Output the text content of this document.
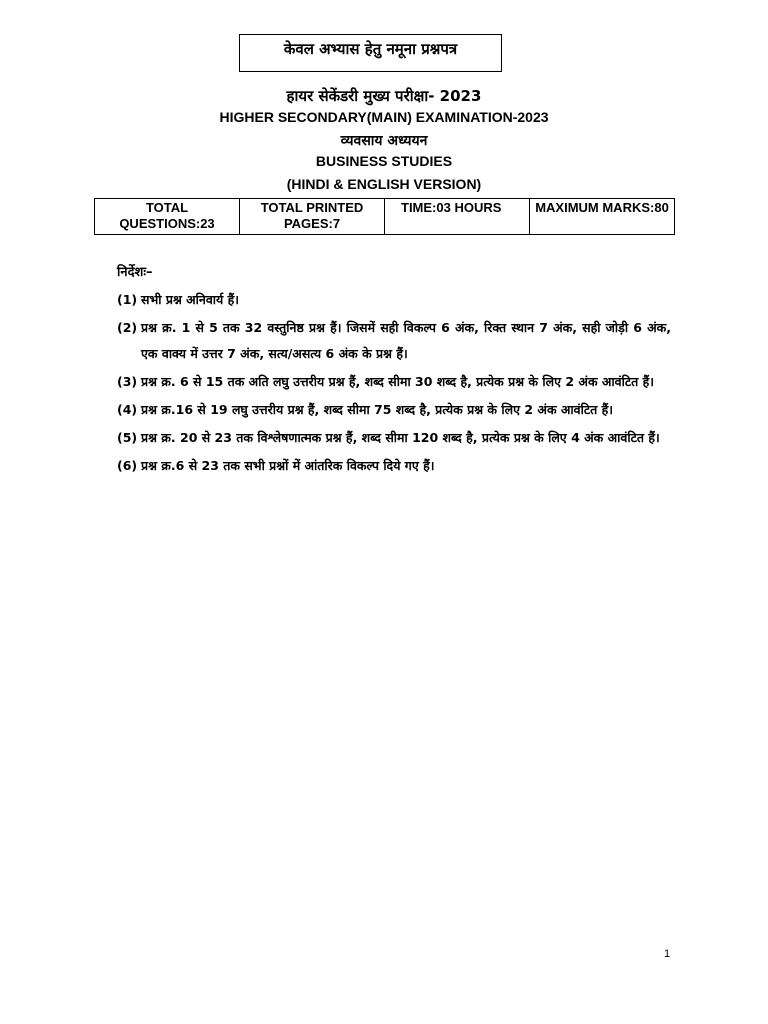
केवल अभ्यास हेतु नमूना प्रश्नपत्र
हायर सेकेंडरी मुख्य परीक्षा- 2023
HIGHER SECONDARY(MAIN) EXAMINATION-2023
व्यवसाय अध्ययन
BUSINESS STUDIES
(HINDI & ENGLISH VERSION)
TOTAL QUESTIONS:23	TOTAL PRINTED PAGES:7	TIME:03 HOURS	MAXIMUM MARKS:80
निर्देशः–
(1) सभी प्रश्न अनिवार्य हैं।
(2) प्रश्न क्र. 1 से 5 तक 32 वस्तुनिष्ठ प्रश्न हैं। जिसमें सही विकल्प 6 अंक, रिक्त स्थान 7 अंक, सही जोड़ी 6 अंक, एक वाक्य में उत्तर 7 अंक, सत्य/असत्य 6 अंक के प्रश्न हैं।
(3) प्रश्न क्र. 6 से 15 तक अति लघु उत्तरीय प्रश्न हैं, शब्द सीमा 30 शब्द है, प्रत्येक प्रश्न के लिए 2 अंक आवंटित हैं।
(4) प्रश्न क्र.16 से 19 लघु उत्तरीय प्रश्न हैं, शब्द सीमा 75 शब्द है, प्रत्येक प्रश्न के लिए 2 अंक आवंटित हैं।
(5) प्रश्न क्र. 20 से 23 तक विश्लेषणात्मक प्रश्न हैं, शब्द सीमा 120 शब्द है, प्रत्येक प्रश्न के लिए 4 अंक आवंटित हैं।
(6) प्रश्न क्र.6 से 23 तक सभी प्रश्नों में आंतरिक विकल्प दिये गए हैं।
1
